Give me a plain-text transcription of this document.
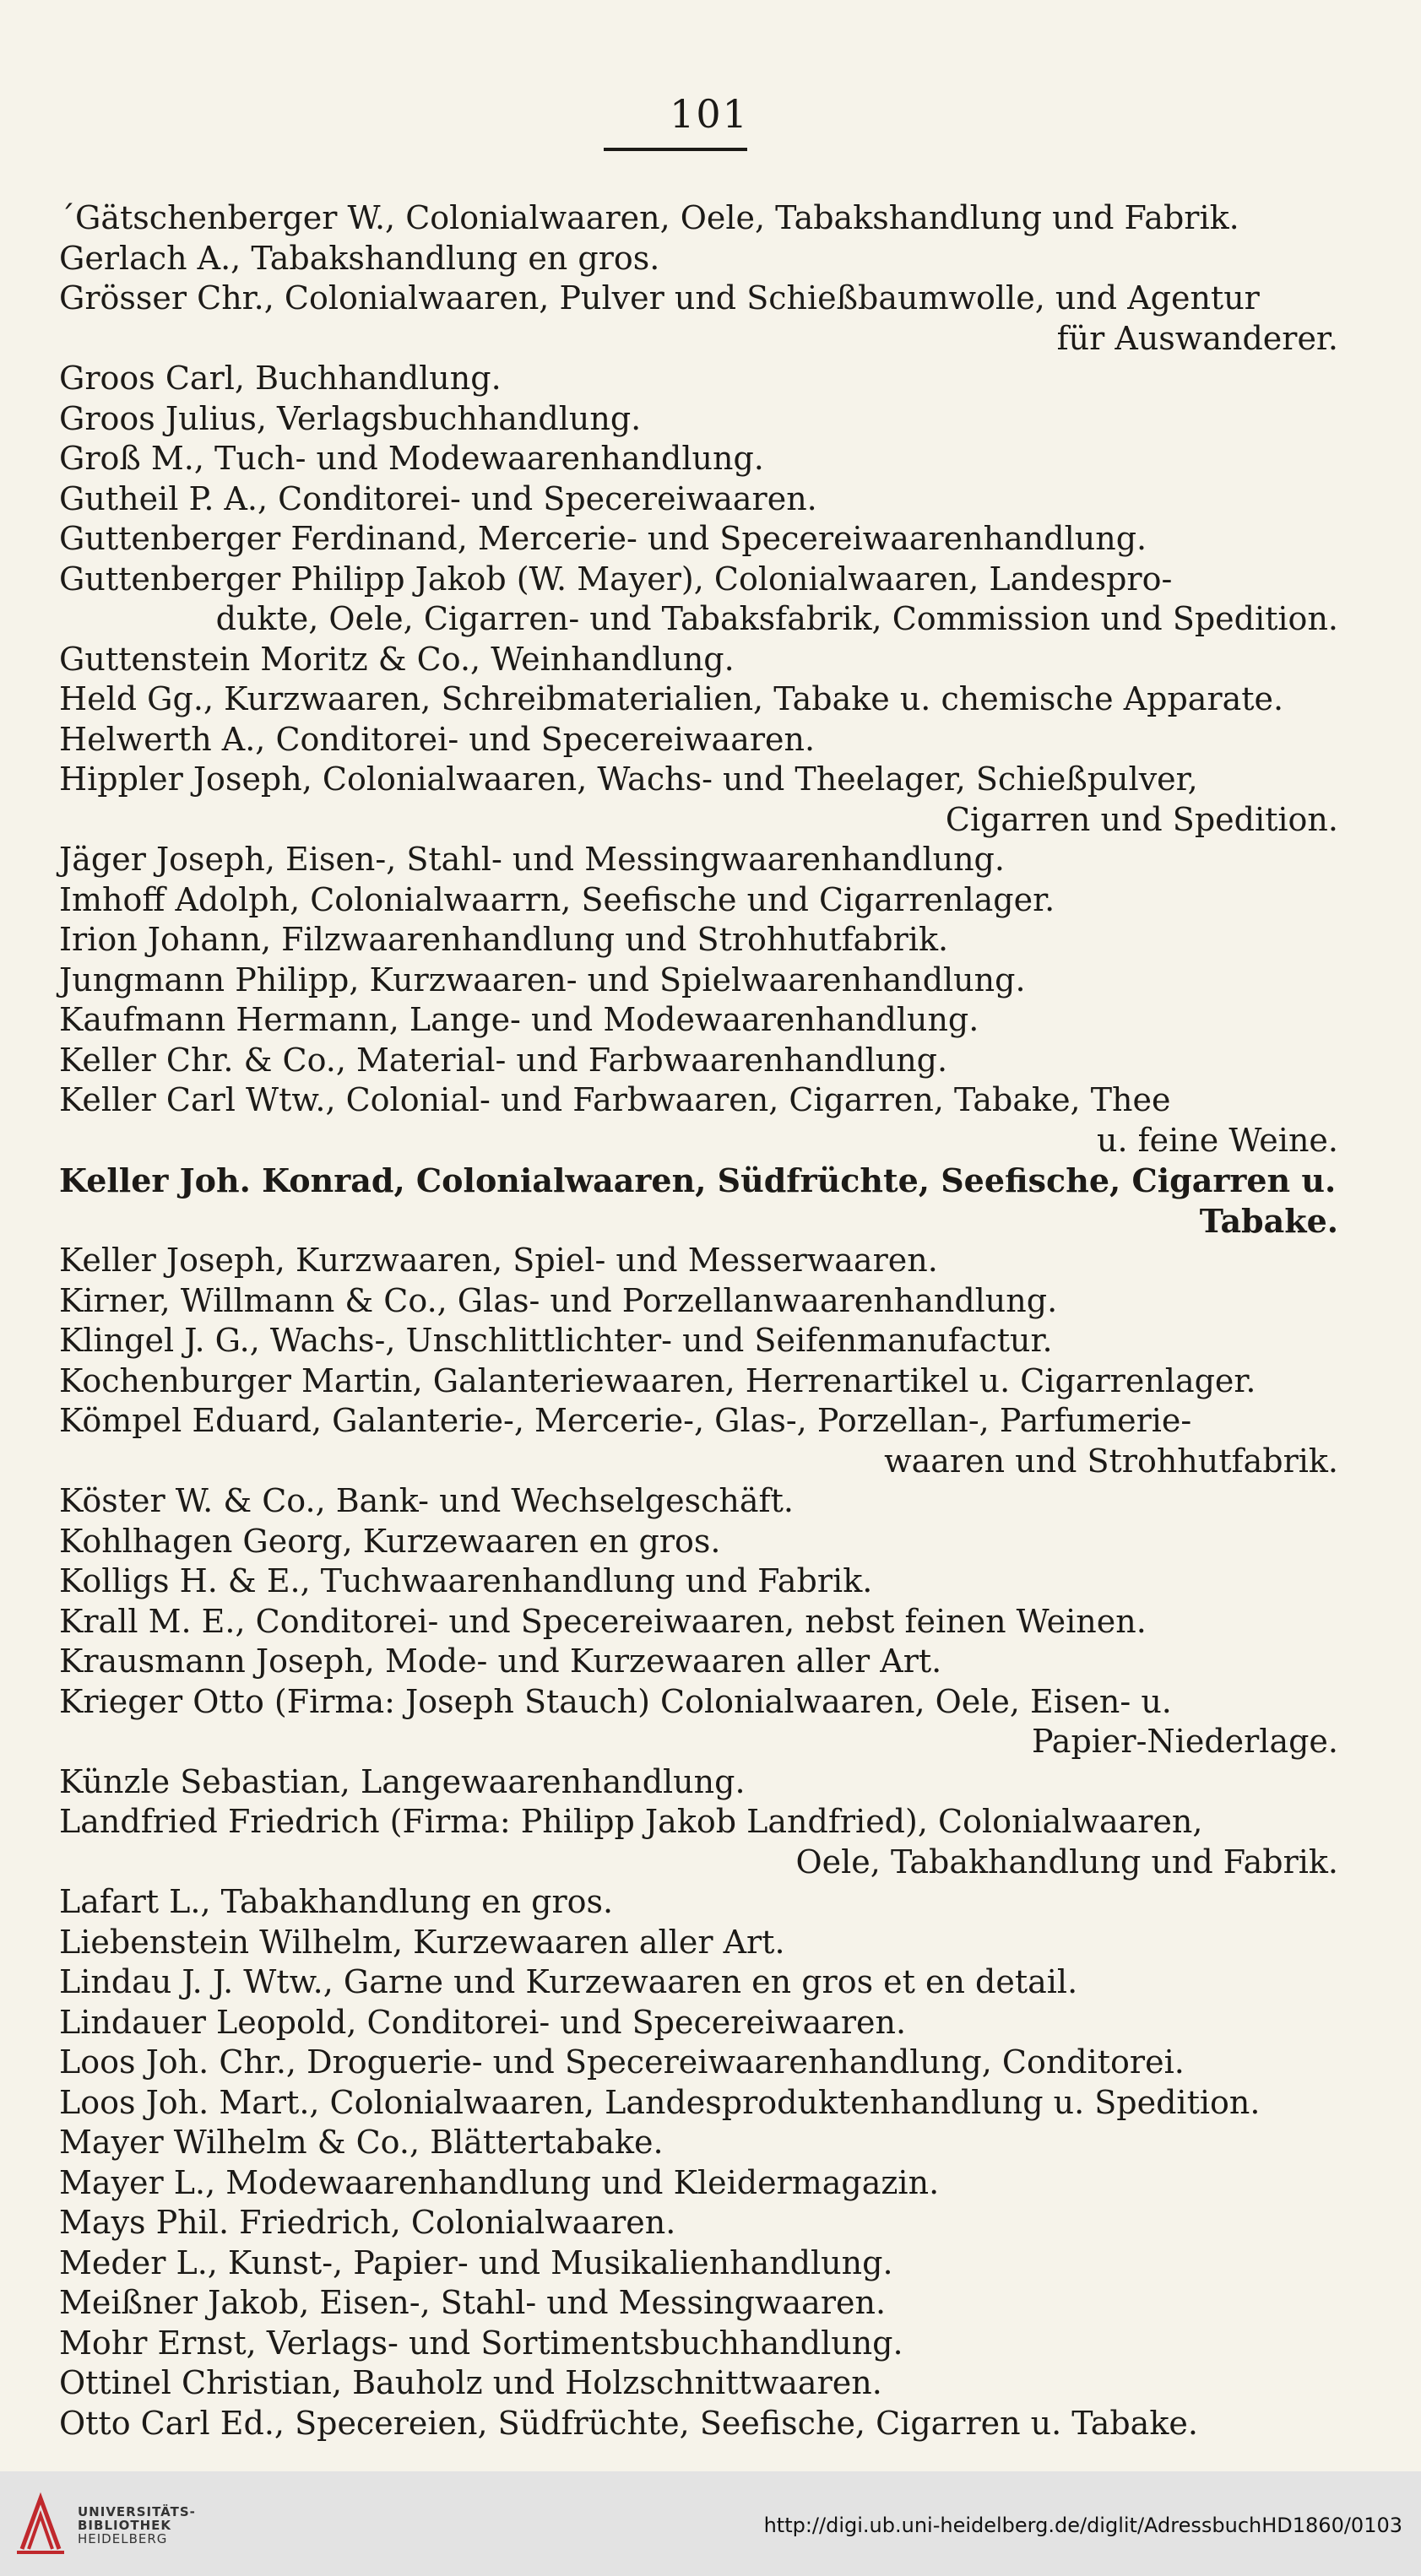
101
´Gätschenberger W., Colonialwaaren, Oele, Tabakshandlung und Fabrik.
Gerlach A., Tabakshandlung en gros.
Grösser Chr., Colonialwaaren, Pulver und Schießbaumwolle, und Agentur
für Auswanderer.
Groos Carl, Buchhandlung.
Groos Julius, Verlagsbuchhandlung.
Groß M., Tuch- und Modewaarenhandlung.
Gutheil P. A., Conditorei- und Specereiwaaren.
Guttenberger Ferdinand, Mercerie- und Specereiwaarenhandlung.
Guttenberger Philipp Jakob (W. Mayer), Colonialwaaren, Landespro-
dukte, Oele, Cigarren- und Tabaksfabrik, Commission und Spedition.
Guttenstein Moritz & Co., Weinhandlung.
Held Gg., Kurzwaaren, Schreibmaterialien, Tabake u. chemische Apparate.
Helwerth A., Conditorei- und Specereiwaaren.
Hippler Joseph, Colonialwaaren, Wachs- und Theelager, Schießpulver,
Cigarren und Spedition.
Jäger Joseph, Eisen-, Stahl- und Messingwaarenhandlung.
Imhoff Adolph, Colonialwaarrn, Seefische und Cigarrenlager.
Irion Johann, Filzwaarenhandlung und Strohhutfabrik.
Jungmann Philipp, Kurzwaaren- und Spielwaarenhandlung.
Kaufmann Hermann, Lange- und Modewaarenhandlung.
Keller Chr. & Co., Material- und Farbwaarenhandlung.
Keller Carl Wtw., Colonial- und Farbwaaren, Cigarren, Tabake, Thee
u. feine Weine.
Keller Joh. Konrad, Colonialwaaren, Südfrüchte, Seefische, Cigarren u.
Tabake.
Keller Joseph, Kurzwaaren, Spiel- und Messerwaaren.
Kirner, Willmann & Co., Glas- und Porzellanwaarenhandlung.
Klingel J. G., Wachs-, Unschlittlichter- und Seifenmanufactur.
Kochenburger Martin, Galanteriewaaren, Herrenartikel u. Cigarrenlager.
Kömpel Eduard, Galanterie-, Mercerie-, Glas-, Porzellan-, Parfumerie-
waaren und Strohhutfabrik.
Köster W. & Co., Bank- und Wechselgeschäft.
Kohlhagen Georg, Kurzewaaren en gros.
Kolligs H. & E., Tuchwaarenhandlung und Fabrik.
Krall M. E., Conditorei- und Specereiwaaren, nebst feinen Weinen.
Krausmann Joseph, Mode- und Kurzewaaren aller Art.
Krieger Otto (Firma: Joseph Stauch) Colonialwaaren, Oele, Eisen- u.
Papier-Niederlage.
Künzle Sebastian, Langewaarenhandlung.
Landfried Friedrich (Firma: Philipp Jakob Landfried), Colonialwaaren,
Oele, Tabakhandlung und Fabrik.
Lafart L., Tabakhandlung en gros.
Liebenstein Wilhelm, Kurzewaaren aller Art.
Lindau J. J. Wtw., Garne und Kurzewaaren en gros et en detail.
Lindauer Leopold, Conditorei- und Specereiwaaren.
Loos Joh. Chr., Droguerie- und Specereiwaarenhandlung, Conditorei.
Loos Joh. Mart., Colonialwaaren, Landesproduktenhandlung u. Spedition.
Mayer Wilhelm & Co., Blättertabake.
Mayer L., Modewaarenhandlung und Kleidermagazin.
Mays Phil. Friedrich, Colonialwaaren.
Meder L., Kunst-, Papier- und Musikalienhandlung.
Meißner Jakob, Eisen-, Stahl- und Messingwaaren.
Mohr Ernst, Verlags- und Sortimentsbuchhandlung.
Ottinel Christian, Bauholz und Holzschnittwaaren.
Otto Carl Ed., Specereien, Südfrüchte, Seefische, Cigarren u. Tabake.
UNIVERSITÄTS-
BIBLIOTHEK
HEIDELBERG
http://digi.ub.uni-heidelberg.de/diglit/AdressbuchHD1860/0103
